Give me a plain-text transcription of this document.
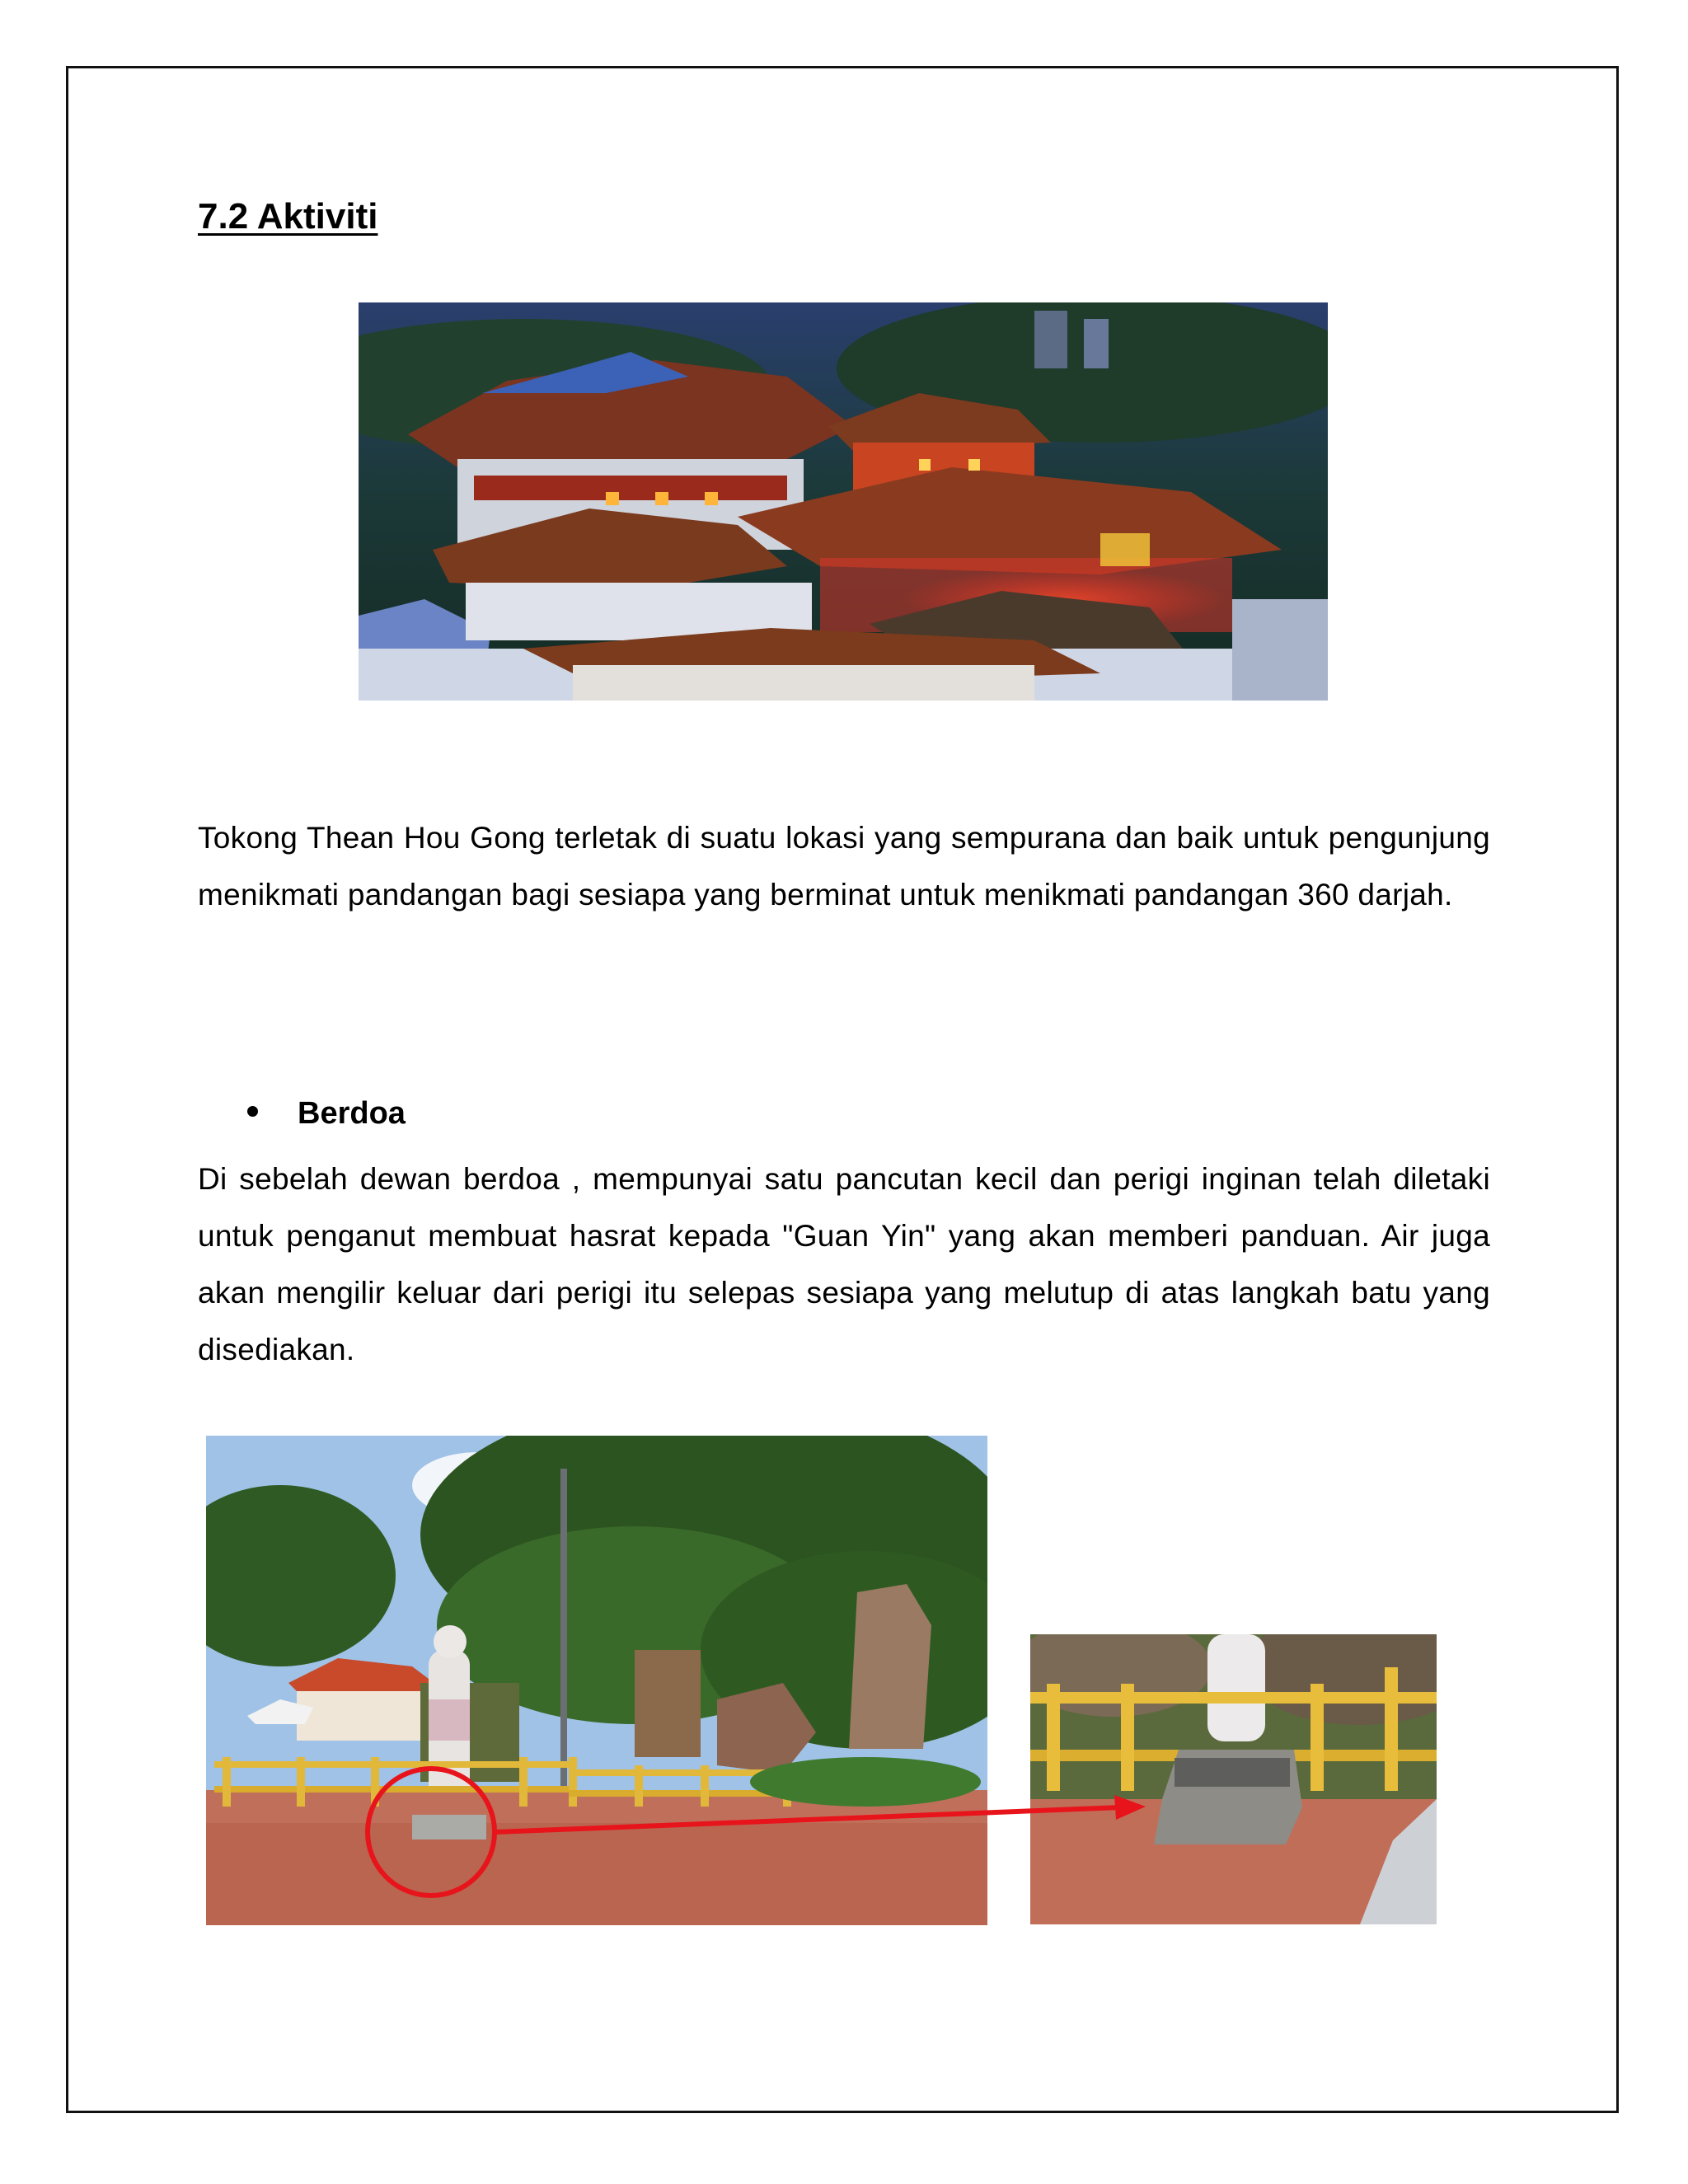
7.2 Aktiviti
Tokong Thean Hou Gong terletak di suatu lokasi yang sempurana dan baik untuk pengunjung menikmati pandangan bagi sesiapa yang berminat untuk menikmati pandangan 360 darjah.
Berdoa
Di sebelah dewan berdoa , mempunyai satu pancutan kecil dan perigi inginan telah diletaki untuk penganut membuat hasrat kepada "Guan Yin" yang akan memberi panduan. Air juga akan mengilir keluar dari perigi itu selepas sesiapa yang melutup di atas langkah batu yang disediakan.
